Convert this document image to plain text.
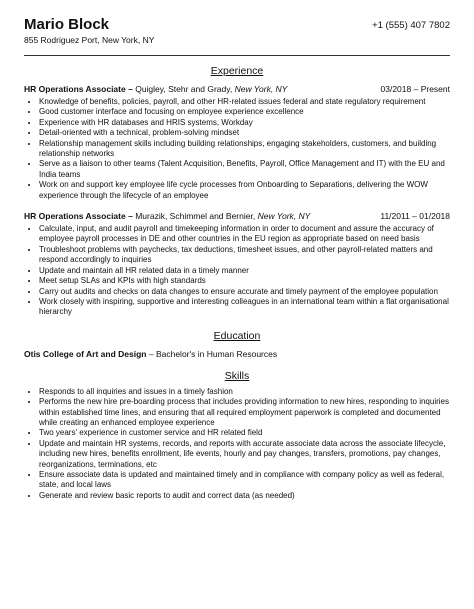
Mario Block
855 Rodriguez Port, New York, NY
+1 (555) 407 7802
Experience
HR Operations Associate – Quigley, Stehr and Grady, New York, NY	03/2018 – Present
• Knowledge of benefits, policies, payroll, and other HR-related issues federal and state regulatory requirement
• Good customer interface and focusing on employee experience excellence
• Experience with HR databases and HRIS systems, Workday
• Detail-oriented with a technical, problem-solving mindset
• Relationship management skills including building relationships, engaging stakeholders, customers, and building relationship networks
• Serve as a liaison to other teams (Talent Acquisition, Benefits, Payroll, Office Management and IT) with the EU and India teams
• Work on and support key employee life cycle processes from Onboarding to Separations, delivering the WOW experience through the lifecycle of an employee
HR Operations Associate – Murazik, Schimmel and Bernier, New York, NY	11/2011 – 01/2018
• Calculate, input, and audit payroll and timekeeping information in order to document and assure the accuracy of employee payroll processes in DE and other countries in the EU region as appropriate based on need basis
• Troubleshoot problems with paychecks, tax deductions, timesheet issues, and other payroll-related matters and respond accordingly to inquiries
• Update and maintain all HR related data in a timely manner
• Meet setup SLAs and KPIs with high standards
• Carry out audits and checks on data changes to ensure accurate and timely payment of the employee population
• Work closely with inspiring, supportive and interesting colleagues in an international team within a flat organisational hierarchy
Education
Otis College of Art and Design – Bachelor's in Human Resources
Skills
• Responds to all inquiries and issues in a timely fashion
• Performs the new hire pre-boarding process that includes providing information to new hires, responding to inquiries within established time lines, and ensuring that all required employment paperwork is completed and documented while creating an enhanced employee experience
• Two years' experience in customer service and HR related field
• Update and maintain HR systems, records, and reports with accurate associate data across the associate lifecycle, including new hires, benefits enrollment, life events, hourly and pay changes, transfers, promotions, pay changes, reorganizations, terminations, etc
• Ensure associate data is updated and maintained timely and in compliance with company policy as well as federal, state, and local laws
• Generate and review basic reports to audit and correct data (as needed)
